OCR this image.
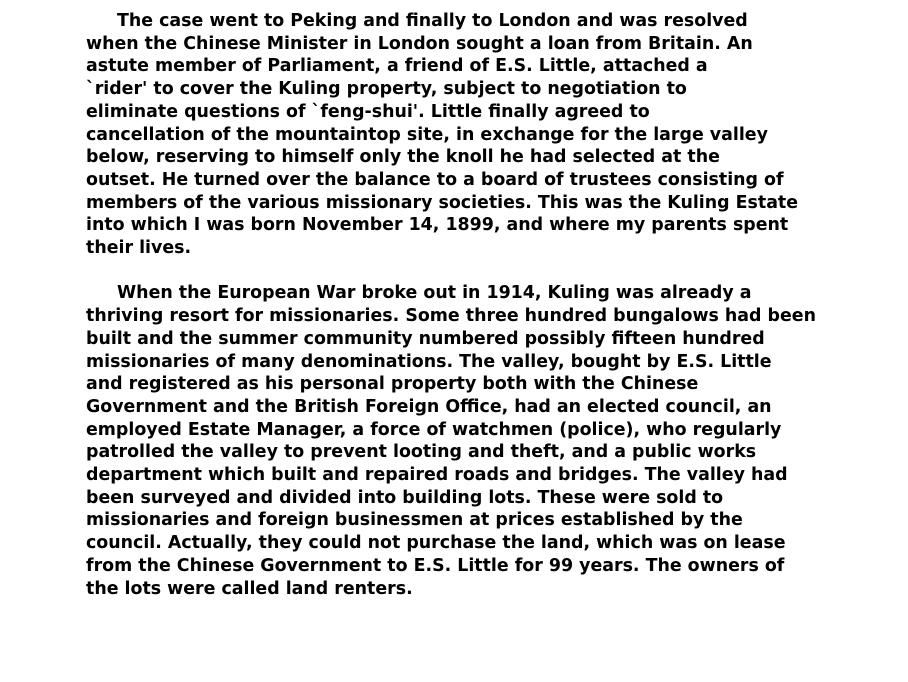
The case went to Peking and finally to London and was resolved
when the Chinese Minister in London sought a loan from Britain. An
astute member of Parliament, a friend of E.S. Little, attached a
`rider' to cover the Kuling property, subject to negotiation to
eliminate questions of `feng-shui'. Little finally agreed to
cancellation of the mountaintop site, in exchange for the large valley
below, reserving to himself only the knoll he had selected at the
outset. He turned over the balance to a board of trustees consisting of
members of the various missionary societies. This was the Kuling Estate
into which I was born November 14, 1899, and where my parents spent
their lives.

When the European War broke out in 1914, Kuling was already a
thriving resort for missionaries. Some three hundred bungalows had been
built and the summer community numbered possibly fifteen hundred
missionaries of many denominations. The valley, bought by E.S. Little
and registered as his personal property both with the Chinese
Government and the British Foreign Office, had an elected council, an
employed Estate Manager, a force of watchmen (police), who regularly
patrolled the valley to prevent looting and theft, and a public works
department which built and repaired roads and bridges. The valley had
been surveyed and divided into building lots. These were sold to
missionaries and foreign businessmen at prices established by the
council. Actually, they could not purchase the land, which was on lease
from the Chinese Government to E.S. Little for 99 years. The owners of
the lots were called land renters.
